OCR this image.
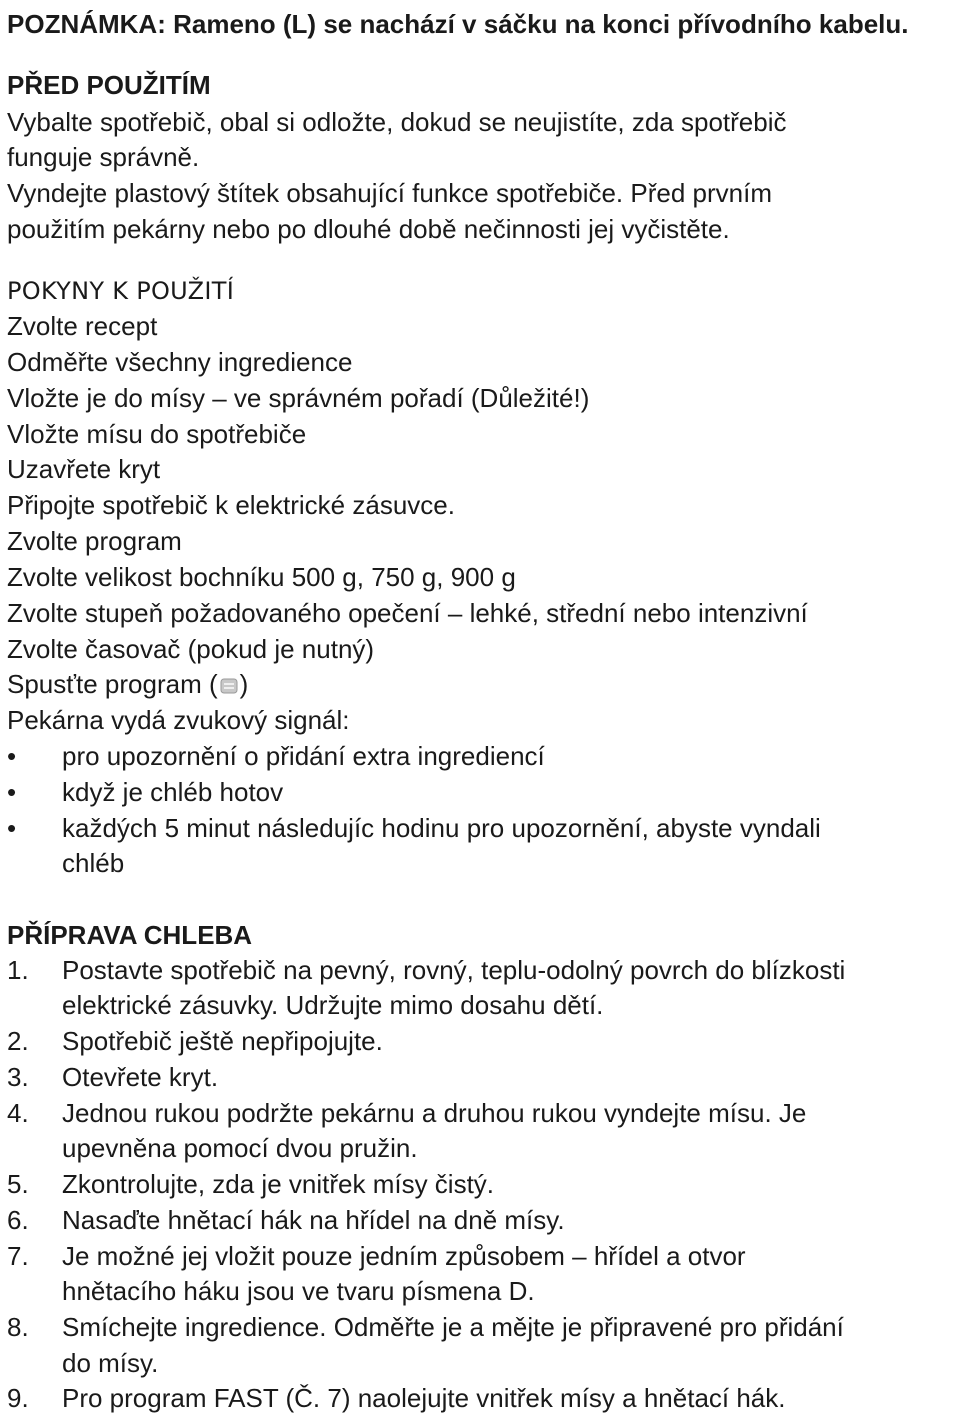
POZNÁMKA: Rameno (L) se nachází v sáčku na konci přívodního kabelu.
PŘED POUŽITÍM
Vybalte spotřebič, obal si odložte, dokud se neujistíte, zda spotřebič
funguje správně.
Vyndejte plastový štítek obsahující funkce spotřebiče. Před prvním
použitím pekárny nebo po dlouhé době nečinnosti jej vyčistěte.
POKYNY K POUŽITÍ
Zvolte recept
Odměřte všechny ingredience
Vložte je do mísy – ve správném pořadí (Důležité!)
Vložte mísu do spotřebiče
Uzavřete kryt
Připojte spotřebič k elektrické zásuvce.
Zvolte program
Zvolte velikost bochníku 500 g, 750 g, 900 g
Zvolte stupeň požadovaného opečení – lehké, střední nebo intenzivní
Zvolte časovač (pokud je nutný)
Spusťte program ( )
Pekárna vydá zvukový signál:
• pro upozornění o přidání extra ingrediencí
• když je chléb hotov
• každých 5 minut následujíc hodinu pro upozornění, abyste vyndali
chléb
PŘÍPRAVA CHLEBA
1. Postavte spotřebič na pevný, rovný, teplu-odolný povrch do blízkosti
elektrické zásuvky. Udržujte mimo dosahu dětí.
2. Spotřebič ještě nepřipojujte.
3. Otevřete kryt.
4. Jednou rukou podržte pekárnu a druhou rukou vyndejte mísu. Je
upevněna pomocí dvou pružin.
5. Zkontrolujte, zda je vnitřek mísy čistý.
6. Nasaďte hnětací hák na hřídel na dně mísy.
7. Je možné jej vložit pouze jedním způsobem – hřídel a otvor
hnětacího háku jsou ve tvaru písmena D.
8. Smíchejte ingredience. Odměřte je a mějte je připravené pro přidání
do mísy.
9. Pro program FAST (Č. 7) naolejujte vnitřek mísy a hnětací hák.
